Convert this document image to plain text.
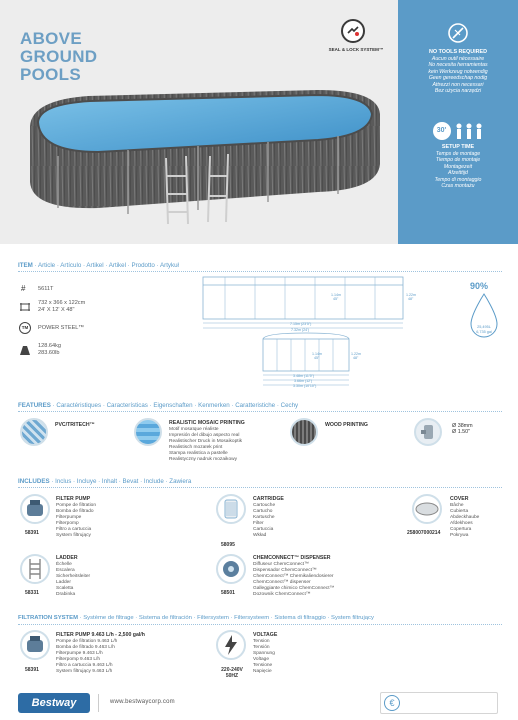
ABOVE
GROUND
POOLS
SEAL & LOCK SYSTEM™	NO TOOLS REQUIRED
Aucun outil nécessaire
No necesita herramientas
kein Werkzeug notwendig
Geen gereedschap nodig
Attrezzi non necessari
Bez użycia narzędzi
30'
SETUP TIME
Temps de montage
Tiempo de montaje
Montagezeit
Afzetttijd
Tempo di montaggio
Czas montażu
ITEM · Article · Artículo · Artikel · Artikel · Prodotto · Artykuł
# 5611T
732 x 366 x 122cm
24' X 12' X 48"
TM	POWER STEEL™
128.64kg
283.60lb
1.14m
45"
1.22m
48"
7.15m (23'5")
7.32m (24')
1.14m
45"
1.22m
48"
3.48m (11'5")
3.66m (12')
3.30m (10'10")
90%
25,495L
6,735 gal
FEATURES · Caractéristiques · Características · Eigenschaften · Kenmerken · Caratteristiche · Cechy
PVC/TRITECH™	REALISTIC MOSAIC PRINTING
Motif mosaïque réaliste
Impresión del dibujo aspecto real
Realistischer Druck in Mosaikoptik
Realistisch mozaïek print
Stampa realistica a pastelle
Realistyczny nadruk mozaikowy
WOOD PRINTING	Ø 38mm
Ø 1.50"
INCLUDES · Inclus · Incluye · Inhalt · Bevat · Include · Zawiera
58391
FILTER PUMP
Pompe de filtration
Bomba de filtrado
Filterpumpe
Filterpomp
Filtro a cartuccia
System filtrujący
58095
CARTRIDGE
Cartouche
Cartucho
Kartusche
Filter
Cartuccia
Wkład	258007000214
COVER
Bâche
Cubierta
Abdeckhaube
Afdekhoes
Copertura
Pokrywa
58331
LADDER
Échelle
Escalera
Sicherheitsleiter
Ladder
Scaletta
Drabinka	58501
CHEMCONNECT™ DISPENSER
Diffuseur ChemConnect™
Dispensador ChemConnect™
ChemConnect™ Chemikaliendosierer
ChemConnect™ dispenser
Galleggiante chimico ChemConnect™
Dozownik ChemConnect™
FILTRATION SYSTEM · Système de filtrage · Sistema de filtración · Filtersystem · Filtersysteem · Sistema di filtraggio · System filtrujący
58391
FILTER PUMP 9.463 L/h - 2,500 gal/h
Pompe de filtration 9.463 L/h
Bomba de filtrado 9.463 L/h
Filterpumpe 9.463 L/h
Filterpomp 9.463 L/h
Filtro a cartuccia 9.463 L/h
System filtrujący 9.463 L/h	220-240V
50HZ
VOLTAGE
Tension
Tensión
Spannung
Voltage
Tensione
Napięcie
Bestway	www.bestwaycorp.com	€
